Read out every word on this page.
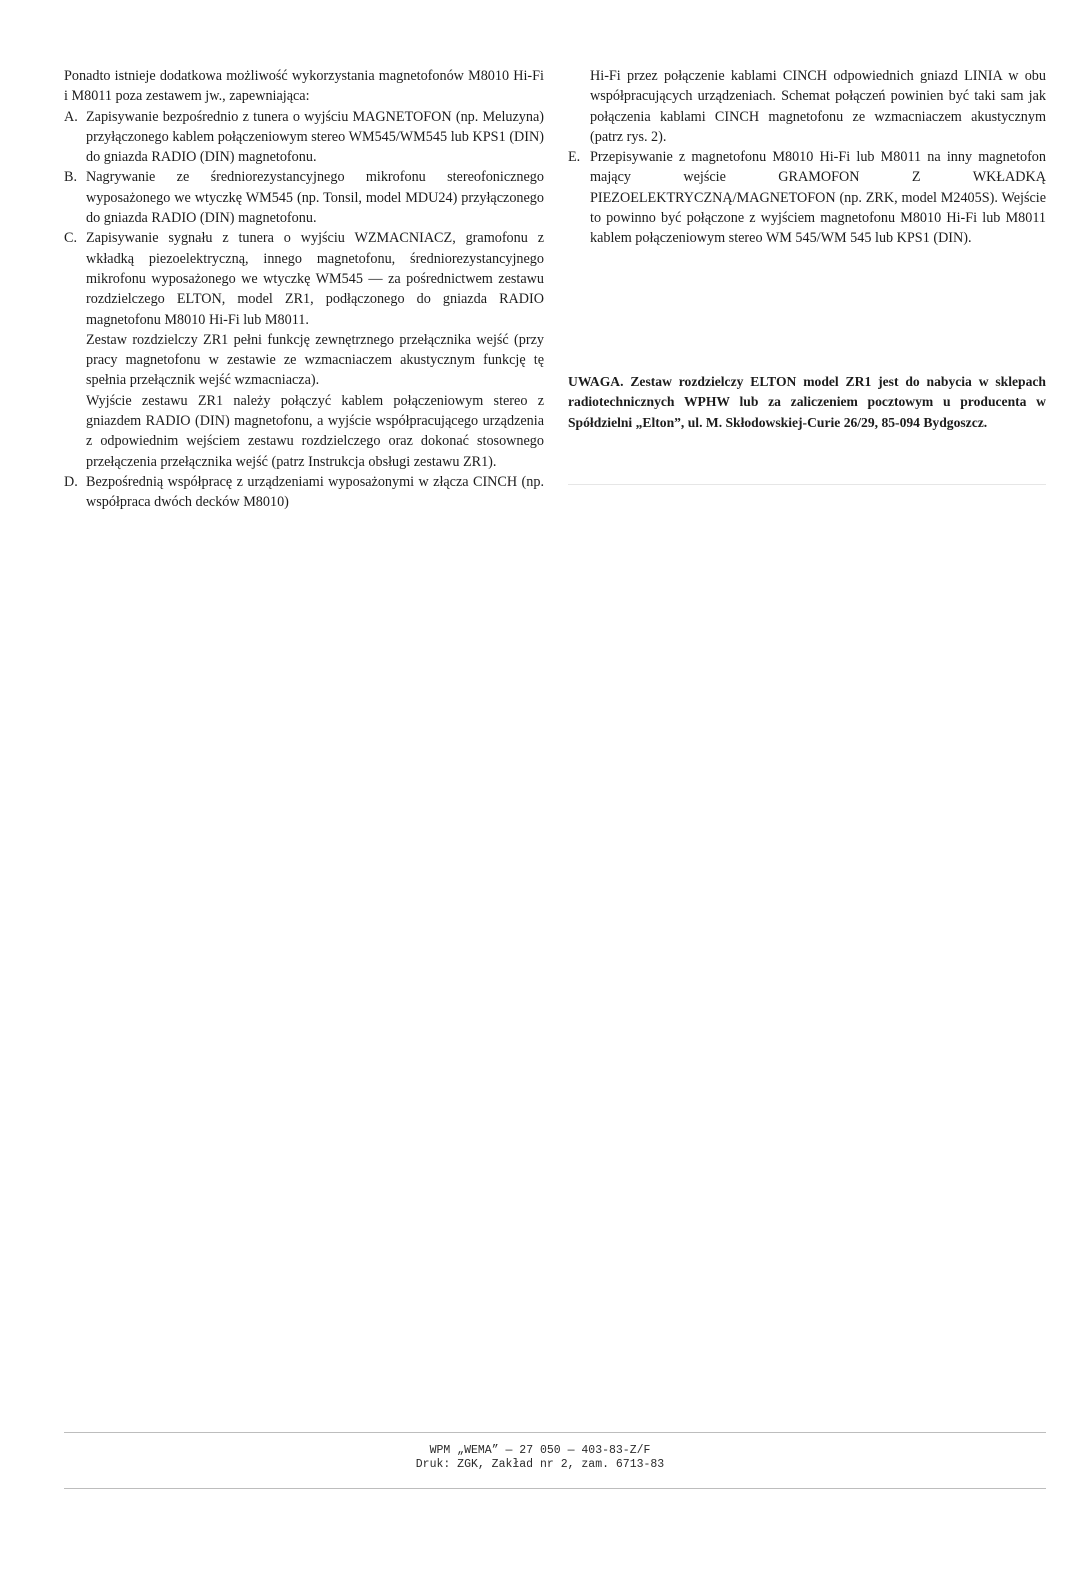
Ponadto istnieje dodatkowa możliwość wykorzystania magnetofonów M8010 Hi-Fi i M8011 poza zestawem jw., zapewniająca:

A. Zapisywanie bezpośrednio z tunera o wyjściu MAGNETOFON (np. Meluzyna) przyłączonego kablem połączeniowym stereo WM545/WM545 lub KPS1 (DIN) do gniazda RADIO (DIN) magnetofonu.
B. Nagrywanie ze średniorezystancyjnego mikrofonu stereofonicznego wyposażonego we wtyczkę WM545 (np. Tonsil, model MDU24) przyłączonego do gniazda RADIO (DIN) magnetofonu.
C. Zapisywanie sygnału z tunera o wyjściu WZMACNIACZ, gramofonu z wkładką piezoelektryczną, innego magnetofonu, średniorezystancyjnego mikrofonu wyposażonego we wtyczkę WM545 — za pośrednictwem zestawu rozdzielczego ELTON, model ZR1, podłączonego do gniazda RADIO magnetofonu M8010 Hi-Fi lub M8011.

Zestaw rozdzielczy ZR1 pełni funkcję zewnętrznego przełącznika wejść (przy pracy magnetofonu w zestawie ze wzmacniaczem akustycznym funkcję tę spełnia przełącznik wejść wzmacniacza).

Wyjście zestawu ZR1 należy połączyć kablem połączeniowym stereo z gniazdem RADIO (DIN) magnetofonu, a wyjście współpracującego urządzenia z odpowiednim wejściem zestawu rozdzielczego oraz dokonać stosownego przełączenia przełącznika wejść (patrz Instrukcja obsługi zestawu ZR1).

D. Bezpośrednią współpracę z urządzeniami wyposażonymi w złącza CINCH (np. współpraca dwóch decków M8010)

Hi-Fi przez połączenie kablami CINCH odpowiednich gniazd LINIA w obu współpracujących urządzeniach. Schemat połączeń powinien być taki sam jak połączenia kablami CINCH magnetofonu ze wzmacniaczem akustycznym (patrz rys. 2).

E. Przepisywanie z magnetofonu M8010 Hi-Fi lub M8011 na inny magnetofon mający wejście GRAMOFON Z WKŁADKĄ PIEZOELEKTRYCZNĄ/MAGNETOFON (np. ZRK, model M2405S). Wejście to powinno być połączone z wyjściem magnetofonu M8010 Hi-Fi lub M8011 kablem połączeniowym stereo WM 545/WM 545 lub KPS1 (DIN).
UWAGA. Zestaw rozdzielczy ELTON model ZR1 jest do nabycia w sklepach radiotechnicznych WPHW lub za zaliczeniem pocztowym u producenta w Spółdzielni „Elton”, ul. M. Skłodowskiej-Curie 26/29, 85-094 Bydgoszcz.
WPM „WEMA” — 27 050 — 403-83-Z/F
Druk: ZGK, Zakład nr 2, zam. 6713-83
